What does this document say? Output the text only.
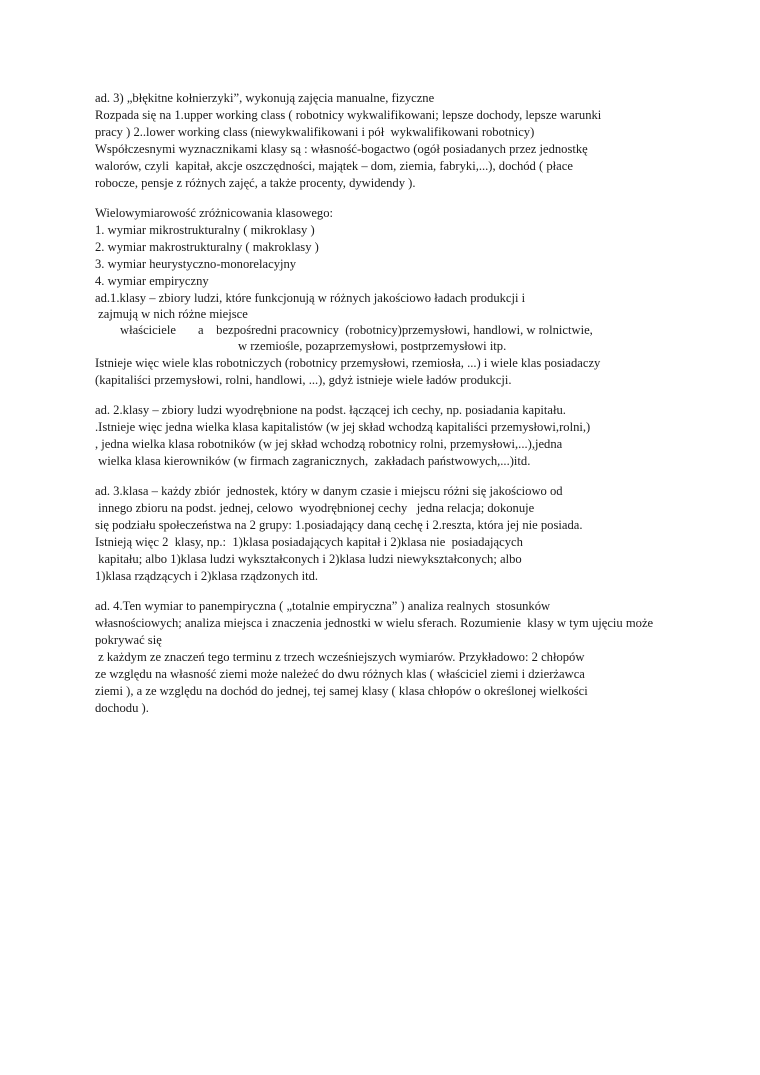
ad. 3) „błękitne kołnierzyki”, wykonują zajęcia manualne, fizyczne
Rozpada się na 1.upper working class ( robotnicy wykwalifikowani; lepsze dochody, lepsze warunki
pracy ) 2..lower working class (niewykwalifikowani i pół  wykwalifikowani robotnicy)
Współczesnymi wyznacznikami klasy są : własność-bogactwo (ogół posiadanych przez jednostkę
walorów, czyli  kapitał, akcje oszczędności, majątek – dom, ziemia, fabryki,...), dochód ( płace
robocze, pensje z różnych zajęć, a także procenty, dywidendy ).
Wielowymiarowość zróżnicowania klasowego:
1. wymiar mikrostrukturalny ( mikroklasy )
2. wymiar makrostrukturalny ( makroklasy )
3. wymiar heurystyczno-monorelacyjny
4. wymiar empiryczny
ad.1.klasy – zbiory ludzi, które funkcjonują w różnych jakościowo ładach produkcji i
zajmują w nich różne miejsce
właściciele       a    bezpośredni pracownicy  (robotnicy)przemysłowi, handlowi, w rolnictwie,
w rzemiośle, pozaprzemysłowi, postprzemysłowi itp.
Istnieje więc wiele klas robotniczych (robotnicy przemysłowi, rzemiosła, ...) i wiele klas posiadaczy
(kapitaliści przemysłowi, rolni, handlowi, ...), gdyż istnieje wiele ładów produkcji.
ad. 2.klasy – zbiory ludzi wyodrębnione na podst. łączącej ich cechy, np. posiadania kapitału.
.Istnieje więc jedna wielka klasa kapitalistów (w jej skład wchodzą kapitaliści przemysłowi,rolni,)
, jedna wielka klasa robotników (w jej skład wchodzą robotnicy rolni, przemysłowi,...),jedna
wielka klasa kierowników (w firmach zagranicznych,  zakładach państwowych,...)itd.
ad. 3.klasa – każdy zbiór  jednostek, który w danym czasie i miejscu różni się jakościowo od
innego zbioru na podst. jednej, celowo  wyodrębnionej cechy   jedna relacja; dokonuje
się podziału społeczeństwa na 2 grupy: 1.posiadający daną cechę i 2.reszta, która jej nie posiada.
Istnieją więc 2  klasy, np.:  1)klasa posiadających kapitał i 2)klasa nie  posiadających
kapitału; albo 1)klasa ludzi wykształconych i 2)klasa ludzi niewykształconych; albo
1)klasa rządzących i 2)klasa rządzonych itd.
ad. 4.Ten wymiar to panempiryczna ( „totalnie empiryczna” ) analiza realnych  stosunków
własnościowych; analiza miejsca i znaczenia jednostki w wielu sferach. Rozumienie  klasy w tym ujęciu może
pokrywać się
z każdym ze znaczeń tego terminu z trzech wcześniejszych wymiarów. Przykładowo: 2 chłopów
ze względu na własność ziemi może należeć do dwu różnych klas ( właściciel ziemi i dzierżawca
ziemi ), a ze względu na dochód do jednej, tej samej klasy ( klasa chłopów o określonej wielkości
dochodu ).
